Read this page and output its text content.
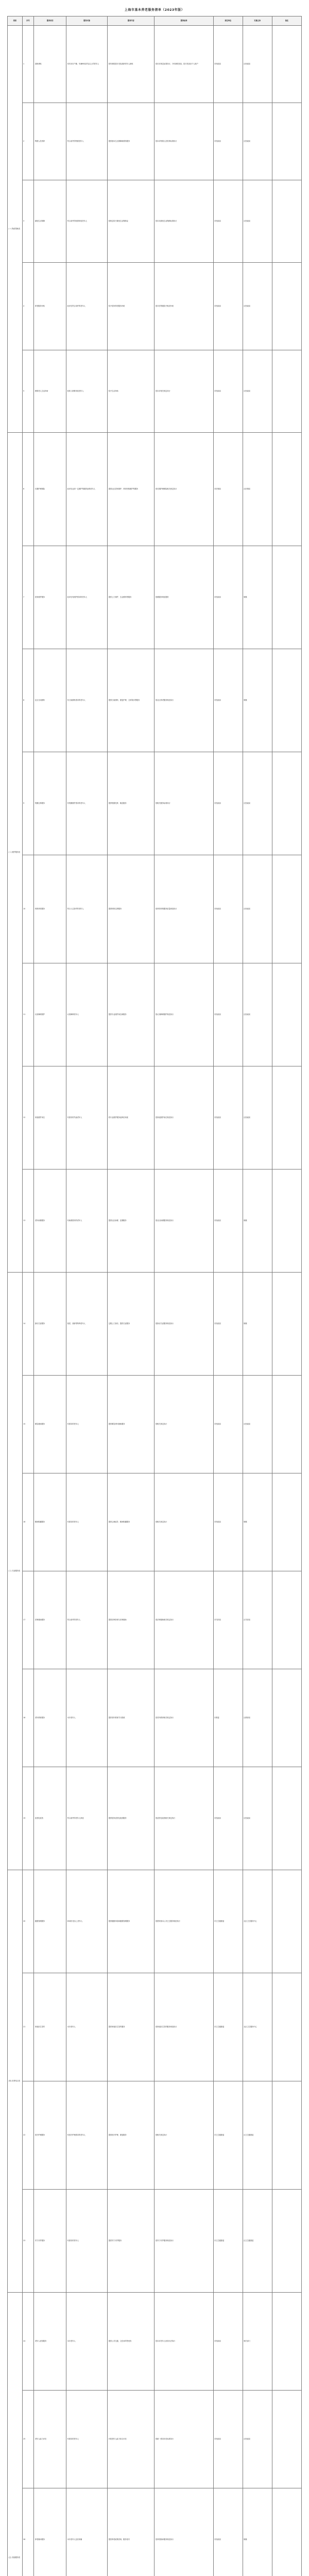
上海市基本养老服务清单（2023年版）
类别	序号	服务项目	服务对象	服务内容	服务标准	责任单位	实施主体	备注
(一) 物质帮助类	1	高龄津贴	具有本市户籍、年满65周岁及以上的老年人	按年龄段按月发放高龄老年人津贴	按本市规定标准执行，分年龄段发放，按月发放至个人账户	市民政局	区民政局	
	2	特困人员供养	符合条件的特困老年人	提供基本生活保障和照料服务	按本市特困人员供养标准执行	市民政局	区民政局	
	3	最低生活保障	符合条件的低保家庭老年人	按规定给予最低生活保障金	按本市最低生活保障标准执行	市民政局	区民政局	
	4	养老服务补贴	经评估符合条件的老年人	给予居家养老服务补贴	按评估等级给予相应补贴	市民政局	区民政局	
	5	困难老人生活补助	低收入困难家庭老年人	给予生活补助	按本市相关规定执行	市民政局	区民政局	
(二) 照护服务类	6	长期护理保险	经评估达到一定照护等级的参保老年人	提供社区居家照护、养老机构照护等服务	按长期护理保险相关规定执行	市医保局	区医保局	
	7	居家照护服务	经评估有照护需求的老年人	提供上门照护、生活照料等服务	按照服务规范提供	市民政局	街镇	
	8	社区日间照料	有日间照料需求的老年人	提供日间照料、康复护理、文体娱乐等服务	按社区养老服务规范执行	市民政局	街镇	
	9	短期住养服务	有短期照护需求的老年人	提供短期托养、喘息服务	按相关服务标准执行	市民政局	区民政局	
	10	机构养老服务	符合入住条件的老年人	提供机构住养服务	按养老机构服务质量规范执行	市民政局	区民政局	
	11	认知障碍照护	认知障碍老年人	提供专业照护床位和服务	按认知障碍照护规范执行	市民政局	区民政局	
	12	家庭照护床位	有需求的失能老年人	将专业照护服务延伸至家庭	按家庭照护床位规范执行	市民政局	区民政局	
	13	老年助餐服务	有助餐需求的老年人	提供社区助餐、送餐服务	按社区助餐服务规范执行	市民政局	街镇	
(三) 关爱服务类	14	探访关爱服务	独居、高龄等特殊老年人	定期上门探访，提供关爱服务	按探访关爱服务规范执行	市民政局	街镇	
	15	紧急援助服务	有需求的老年人	提供紧急呼叫援助服务	按相关规定执行	市民政局	区民政局	
	16	精神慰藉服务	有需求的老年人	提供心理疏导、精神慰藉服务	按相关规定执行	市民政局	街镇	
	17	法律援助服务	符合条件的老年人	提供法律咨询与法律援助	按法律援助相关规定执行	市司法局	区司法局	
	18	老年教育服务	本市老年人	提供老年教育学习资源	按老年教育相关规定执行	市教委	区教育局	
	19	适老化改造	符合条件的老年人家庭	提供居家适老化改造服务	按适老化改造相关规定执行	市民政局	区民政局	
(四) 医养结合类	20	健康管理服务	65周岁及以上老年人	提供健康体检和健康管理服务	按国家基本公共卫生服务规范执行	市卫生健康委	社区卫生服务中心	
	21	家庭医生签约	本市老年人	提供家庭医生签约服务	按家庭医生签约服务规范执行	市卫生健康委	社区卫生服务中心	
	22	医疗护理服务	有医疗护理需求的老年人	提供医疗护理、康复服务	按相关规定执行	市卫生健康委	区卫生健康委	
	23	安宁疗护服务	有需求的老年人	提供安宁疗护服务	按安宁疗护服务规范执行	市卫生健康委	区卫生健康委	
(五) 其他服务类	24	老年人优待服务	本市老年人	提供公共交通、文化场所等优待	按本市老年人优待办法执行	市民政局	相关部门	
	25	老年人能力评估	有需求的老年人	开展老年人能力综合评估	按统一需求评估标准执行	市民政局	区民政局	
	26	养老顾问服务	本市老年人及其家属	提供养老政策咨询、服务指引	按养老顾问服务规范执行	市民政局	街镇	
